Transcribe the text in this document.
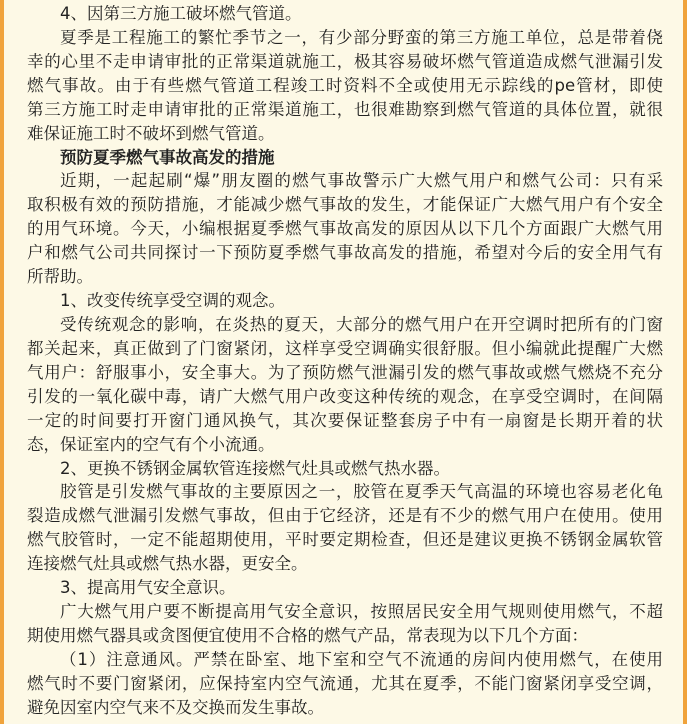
4、因第三方施工破坏燃气管道。
夏季是工程施工的繁忙季节之一，有少部分野蛮的第三方施工单位，总是带着侥
幸的心里不走申请审批的正常渠道就施工，极其容易破坏燃气管道造成燃气泄漏引发
燃气事故。由于有些燃气管道工程竣工时资料不全或使用无示踪线的pe管材，即使
第三方施工时走申请审批的正常渠道施工，也很难勘察到燃气管道的具体位置，就很
难保证施工时不破坏到燃气管道。
预防夏季燃气事故高发的措施
近期，一起起刷“爆”朋友圈的燃气事故警示广大燃气用户和燃气公司：只有采
取积极有效的预防措施，才能减少燃气事故的发生，才能保证广大燃气用户有个安全
的用气环境。今天，小编根据夏季燃气事故高发的原因从以下几个方面跟广大燃气用
户和燃气公司共同探讨一下预防夏季燃气事故高发的措施，希望对今后的安全用气有
所帮助。
1、改变传统享受空调的观念。
受传统观念的影响，在炎热的夏天，大部分的燃气用户在开空调时把所有的门窗
都关起来，真正做到了门窗紧闭，这样享受空调确实很舒服。但小编就此提醒广大燃
气用户：舒服事小，安全事大。为了预防燃气泄漏引发的燃气事故或燃气燃烧不充分
引发的一氧化碳中毒，请广大燃气用户改变这种传统的观念，在享受空调时，在间隔
一定的时间要打开窗门通风换气，其次要保证整套房子中有一扇窗是长期开着的状
态，保证室内的空气有个小流通。
2、更换不锈钢金属软管连接燃气灶具或燃气热水器。
胶管是引发燃气事故的主要原因之一，胶管在夏季天气高温的环境也容易老化龟
裂造成燃气泄漏引发燃气事故，但由于它经济，还是有不少的燃气用户在使用。使用
燃气胶管时，一定不能超期使用，平时要定期检查，但还是建议更换不锈钢金属软管
连接燃气灶具或燃气热水器，更安全。
3、提高用气安全意识。
广大燃气用户要不断提高用气安全意识，按照居民安全用气规则使用燃气，不超
期使用燃气器具或贪图便宜使用不合格的燃气产品，常表现为以下几个方面：
（1）注意通风。严禁在卧室、地下室和空气不流通的房间内使用燃气，在使用
燃气时不要门窗紧闭，应保持室内空气流通，尤其在夏季，不能门窗紧闭享受空调，
避免因室内空气来不及交换而发生事故。
